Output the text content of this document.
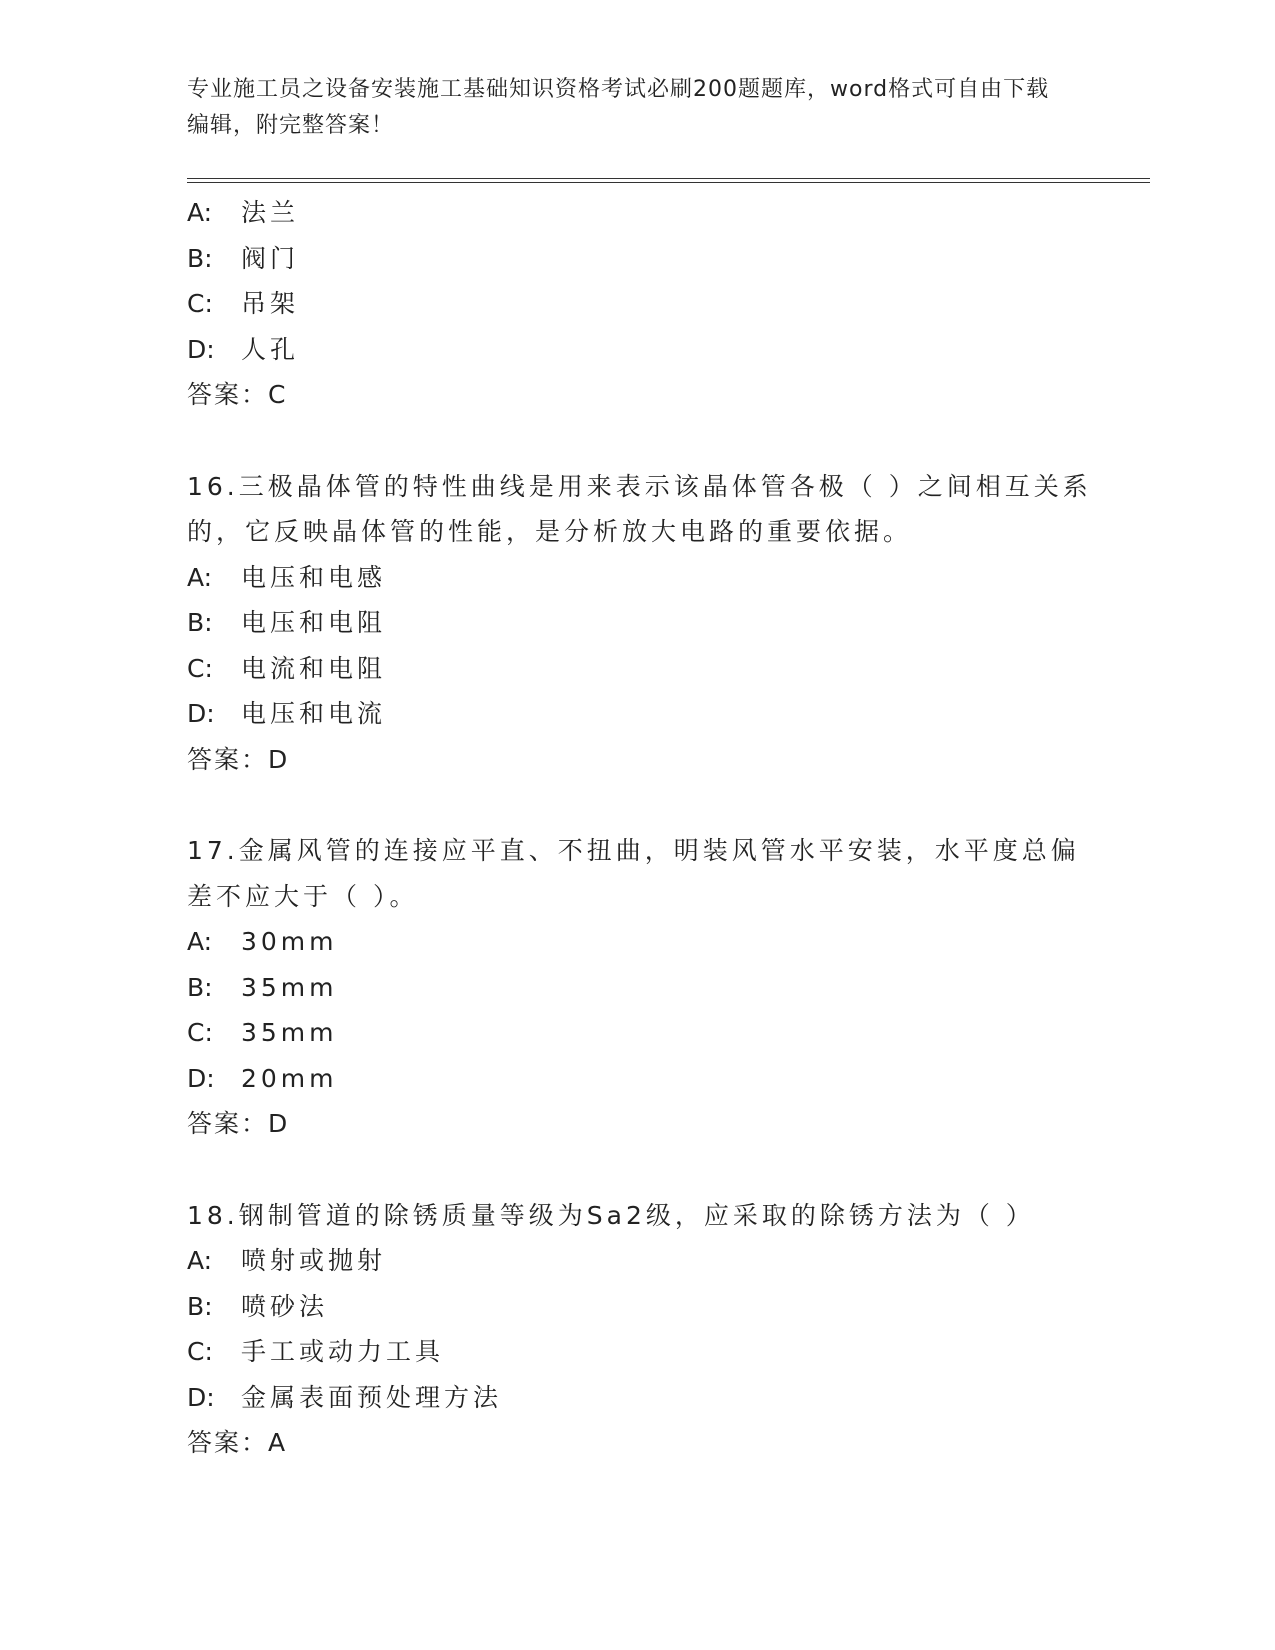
专业施工员之设备安装施工基础知识资格考试必刷200题题库，word格式可自由下载编辑，附完整答案！
A: 法兰
B: 阀门
C: 吊架
D: 人孔
答案：C
16.三极晶体管的特性曲线是用来表示该晶体管各极（ ）之间相互关系的，它反映晶体管的性能，是分析放大电路的重要依据。
A: 电压和电感
B: 电压和电阻
C: 电流和电阻
D: 电压和电流
答案：D
17.金属风管的连接应平直、不扭曲，明装风管水平安装，水平度总偏差不应大于（ ）。
A: 30mm
B: 35mm
C: 35mm
D: 20mm
答案：D
18.钢制管道的除锈质量等级为Sa2级，应采取的除锈方法为（ ）
A: 喷射或抛射
B: 喷砂法
C: 手工或动力工具
D: 金属表面预处理方法
答案：A
